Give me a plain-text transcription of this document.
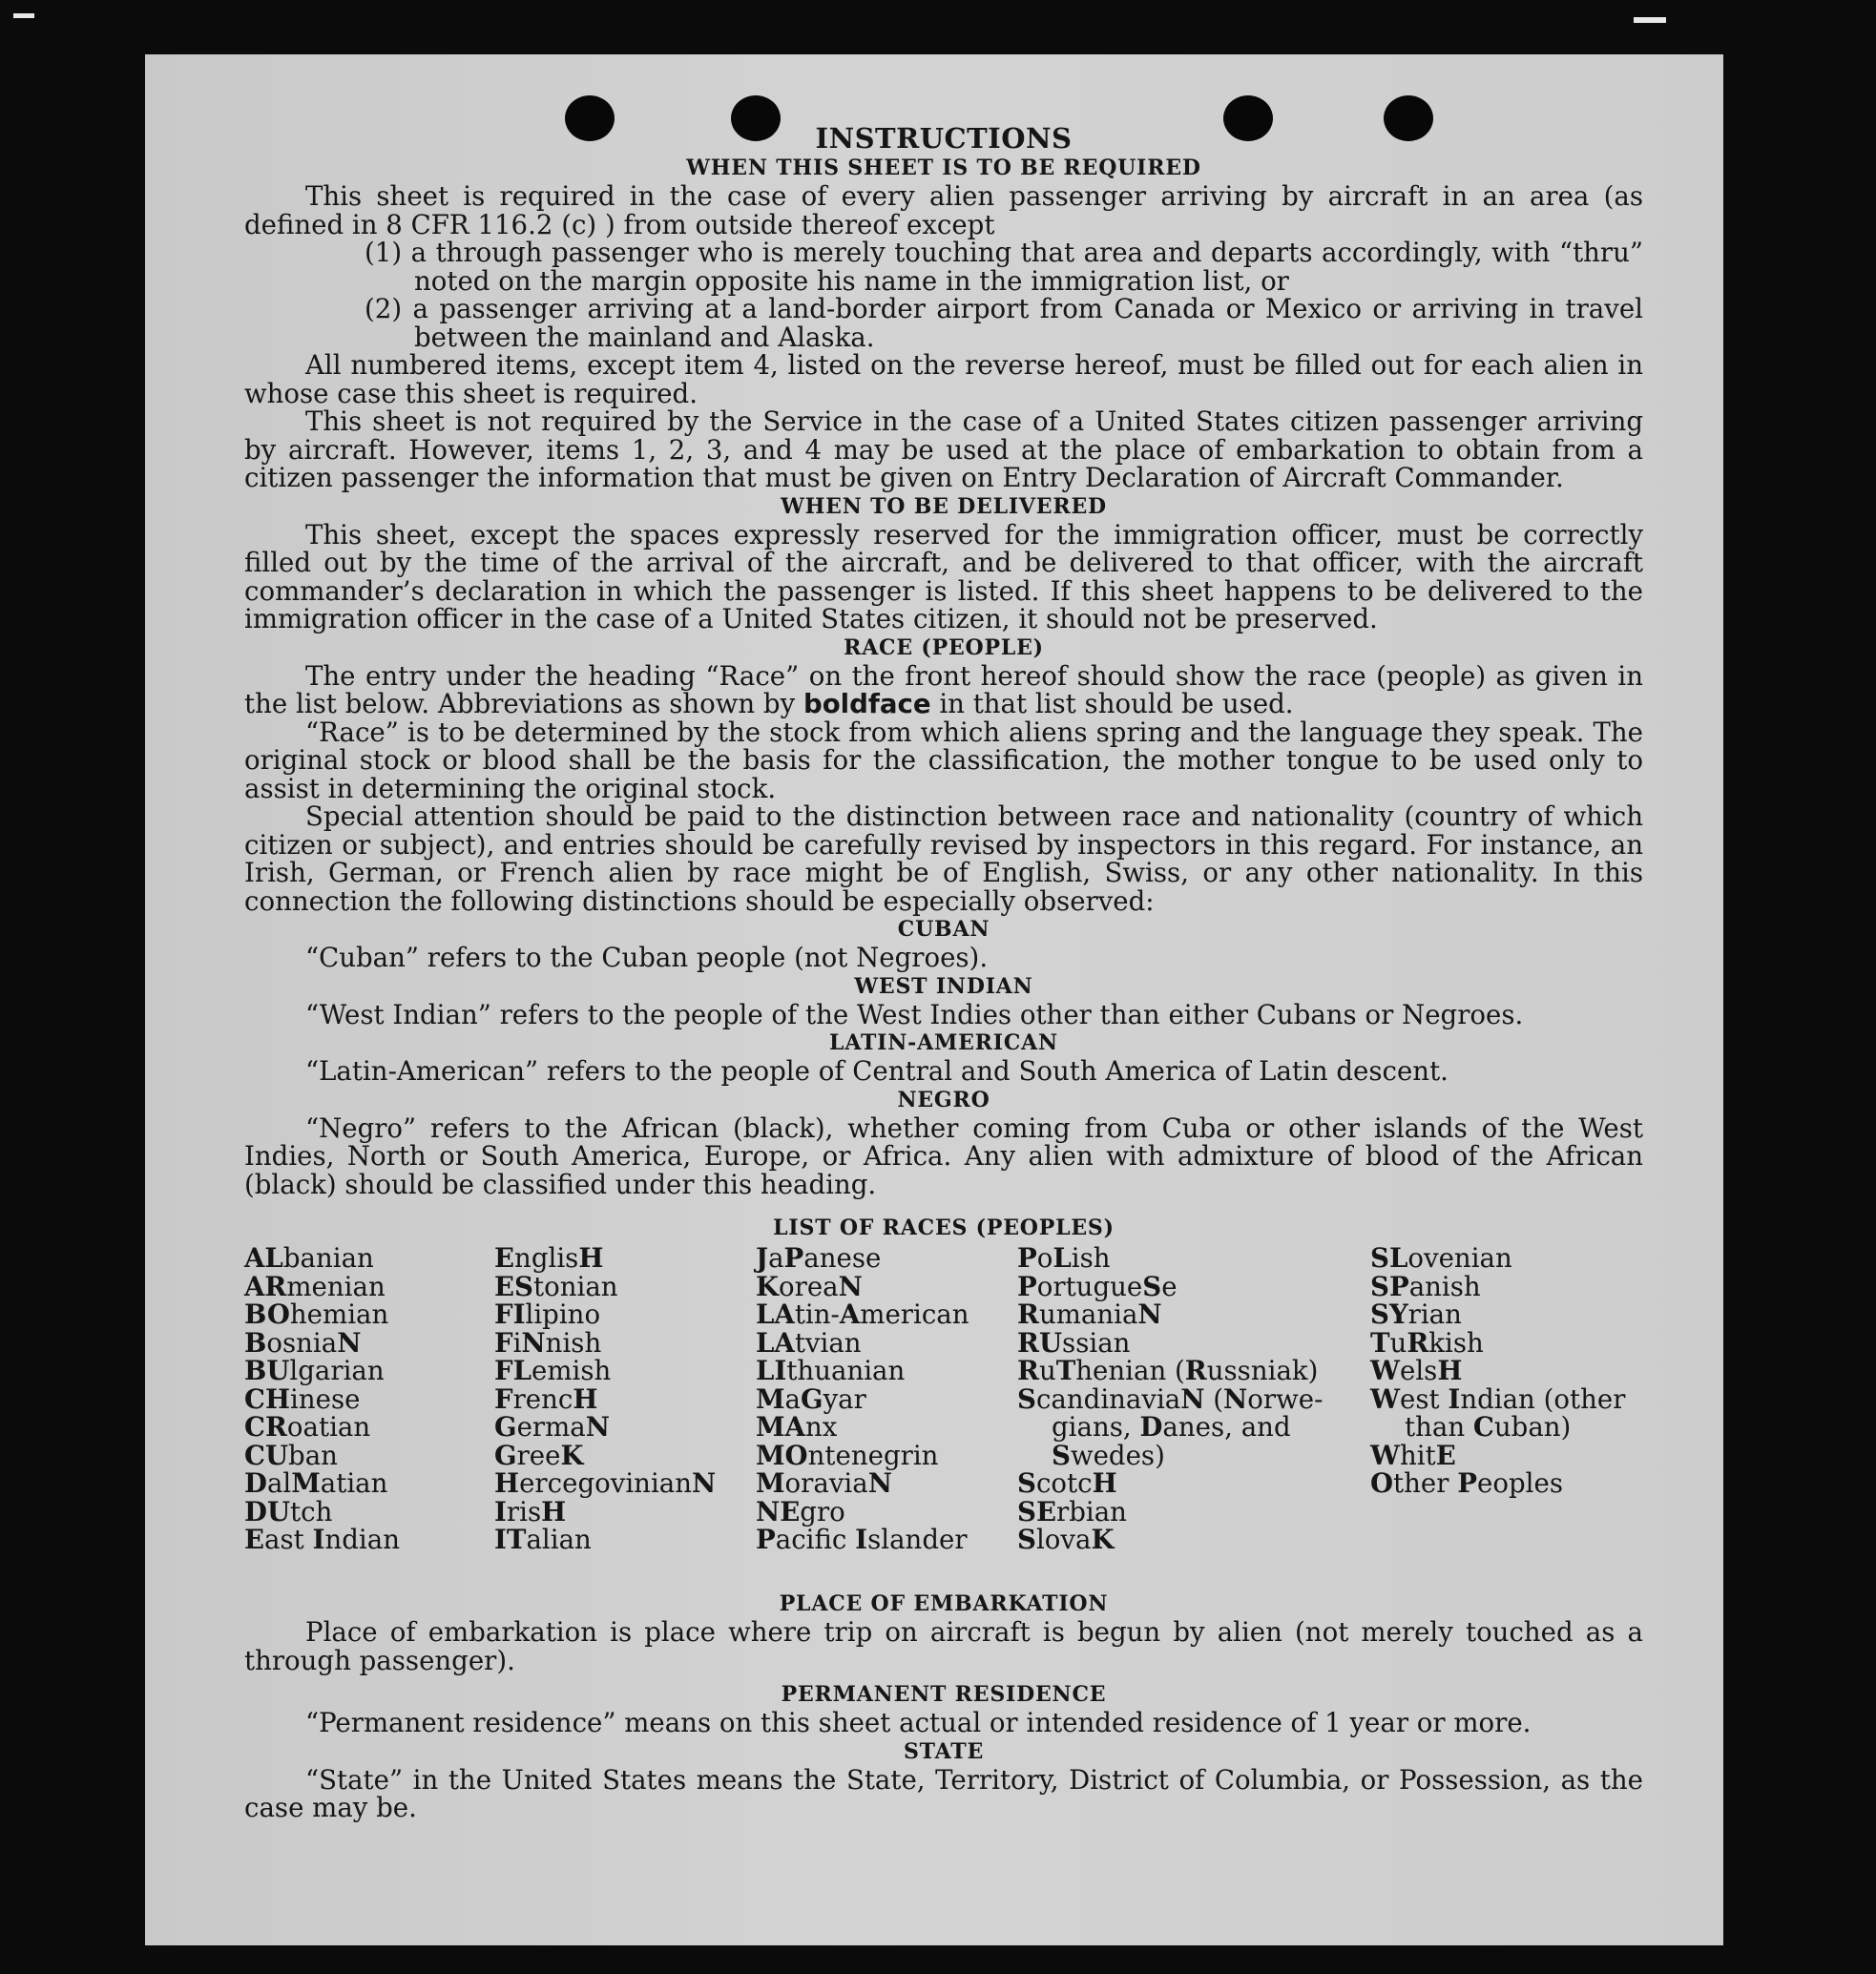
INSTRUCTIONS
WHEN THIS SHEET IS TO BE REQUIRED

This sheet is required in the case of every alien passenger arriving by aircraft in an area (as defined in 8 CFR 116.2 (c) ) from outside thereof except

(1) a through passenger who is merely touching that area and departs accordingly, with “thru” noted on the margin opposite his name in the immigration list, or

(2) a passenger arriving at a land-border airport from Canada or Mexico or arriving in travel between the mainland and Alaska.

All numbered items, except item 4, listed on the reverse hereof, must be filled out for each alien in whose case this sheet is required.

This sheet is not required by the Service in the case of a United States citizen passenger arriving by aircraft. However, items 1, 2, 3, and 4 may be used at the place of embarkation to obtain from a citizen passenger the information that must be given on Entry Declaration of Aircraft Commander.

WHEN TO BE DELIVERED

This sheet, except the spaces expressly reserved for the immigration officer, must be correctly filled out by the time of the arrival of the aircraft, and be delivered to that officer, with the aircraft commander’s declaration in which the passenger is listed. If this sheet happens to be delivered to the immigration officer in the case of a United States citizen, it should not be preserved.

RACE (PEOPLE)

The entry under the heading “Race” on the front hereof should show the race (people) as given in the list below. Abbreviations as shown by boldface in that list should be used.

“Race” is to be determined by the stock from which aliens spring and the language they speak. The original stock or blood shall be the basis for the classification, the mother tongue to be used only to assist in determining the original stock.

Special attention should be paid to the distinction between race and nationality (country of which citizen or subject), and entries should be carefully revised by inspectors in this regard. For instance, an Irish, German, or French alien by race might be of English, Swiss, or any other nationality. In this connection the following distinctions should be especially observed:

CUBAN

“Cuban” refers to the Cuban people (not Negroes).

WEST INDIAN

“West Indian” refers to the people of the West Indies other than either Cubans or Negroes.

LATIN-AMERICAN

“Latin-American” refers to the people of Central and South America of Latin descent.

NEGRO

“Negro” refers to the African (black), whether coming from Cuba or other islands of the West Indies, North or South America, Europe, or Africa. Any alien with admixture of blood of the African (black) should be classified under this heading.

LIST OF RACES (PEOPLES)
ALbanian
ARmenian
BOhemian
BosniaN
BUlgarian
CHinese
CRoatian
CUban
DalMatian
DUtch
East Indian
EnglisH
EStonian
FIlipino
FiNnish
FLemish
FrencH
GermaN
GreeK
HercegovinianN
IrisH
ITalian
JaPanese
KoreaN
LAtin-American
LAtvian
LIthuanian
MaGyar
MAnx
MOntenegrin
MoraviaN
NEgro
Pacifc Islander
PoLish
PortugueSe
RumaniaN
RUssian
RuThenian (Russniak)
ScandinaviaN (Norwe-
gians, Danes, and
Swedes)
ScotcH
SErbian
SlovaK
SLovenian
SPanish
SYrian
TuRkish
WelsH
West Indian (other
than Cuban)
WhitE
Other Peoples
PLACE OF EMBARKATION

Place of embarkation is place where trip on aircraft is begun by alien (not merely touched as a through passenger).

PERMANENT RESIDENCE

“Permanent residence” means on this sheet actual or intended residence of 1 year or more.

STATE

“State” in the United States means the State, Territory, District of Columbia, or Possession, as the case may be.
